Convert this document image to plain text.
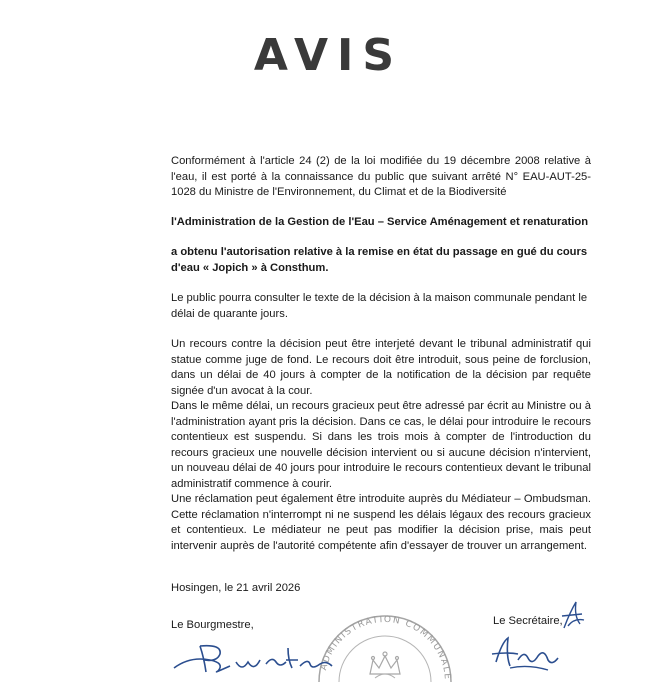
AVIS
Conformément à l'article 24 (2) de la loi modifiée du 19 décembre 2008 relative à l'eau, il est porté à la connaissance du public que suivant arrêté N° EAU-AUT-25-1028 du Ministre de l'Environnement, du Climat et de la Biodiversité
l'Administration de la Gestion de l'Eau – Service Aménagement et renaturation
a obtenu l'autorisation relative à la remise en état du passage en gué du cours d'eau « Jopich » à Consthum.
Le public pourra consulter le texte de la décision à la maison communale pendant le délai de quarante jours.
Un recours contre la décision peut être interjeté devant le tribunal administratif qui statue comme juge de fond. Le recours doit être introduit, sous peine de forclusion, dans un délai de 40 jours à compter de la notification de la décision par requête signée d'un avocat à la cour.
Dans le même délai, un recours gracieux peut être adressé par écrit au Ministre ou à l'administration ayant pris la décision. Dans ce cas, le délai pour introduire le recours contentieux est suspendu. Si dans les trois mois à compter de l'introduction du recours gracieux une nouvelle décision intervient ou si aucune décision n'intervient, un nouveau délai de 40 jours pour introduire le recours contentieux devant le tribunal administratif commence à courir.
Une réclamation peut également être introduite auprès du Médiateur – Ombudsman. Cette réclamation n'interrompt ni ne suspend les délais légaux des recours gracieux et contentieux. Le médiateur ne peut pas modifier la décision prise, mais peut intervenir auprès de l'autorité compétente afin d'essayer de trouver un arrangement.
Hosingen, le 21 avril 2026
Le Bourgmestre,	Le Secrétaire,
ADMINISTRATION COMMUNALE
